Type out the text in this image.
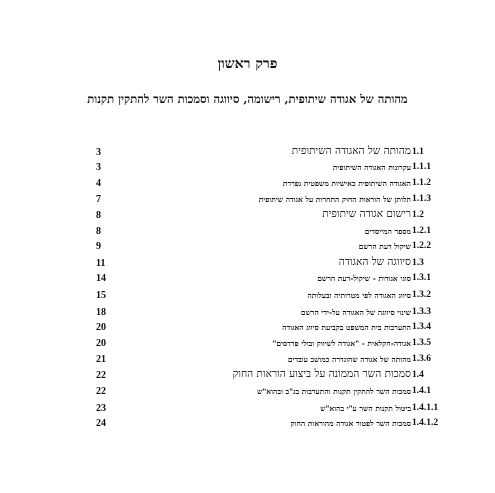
פרק ראשון
מהותה של אגודה שיתופית, רישומה, סיווגה וסמכות השר להתקין תקנות
3	מהותה של האגודה השיתופית 1.1
3	עקרונות האגודה השיתופית 1.1.1
4	האגודה השיתופית כאישיות משפטית נפרדת 1.1.2
7	תלותן של הוראות החוק התחרות על אגודה שיתופית 1.1.3
8	רישום אגודה שיתופית 1.2
8	מספר המייסדים 1.2.1
9	שיקול דעת הרשם 1.2.2
11	סיווגה של האגודה 1.3
14	סוגי אגודות - שיקול-דעת הרשם 1.3.1
15	סיווג האגודה לפי מטרותיה ובעלותה 1.3.2
18	שינוי סיווגה של האגודה על-ידי הרשם 1.3.3
20	התערבות בית המשפט בקביעת סיווג האגודה 1.3.4
20	אגודה-חקלאית - "אגודה לשיווק ובולי פרדסים" 1.3.5
21	מהותה של אגודה שהוגדרה כמושב עובדים 1.3.6
22	סמכות השר הממונה על ביצוע הוראות החוק 1.4
22	סמכות השר להתקין תקנות והתערבות בג"ב ובהוא"ש 1.4.1
23	ביטול תקנות השר ע"י בהוא"ש 1.4.1.1
24	סמכות השר לפטור אגודה מהוראות החוק 1.4.1.2
